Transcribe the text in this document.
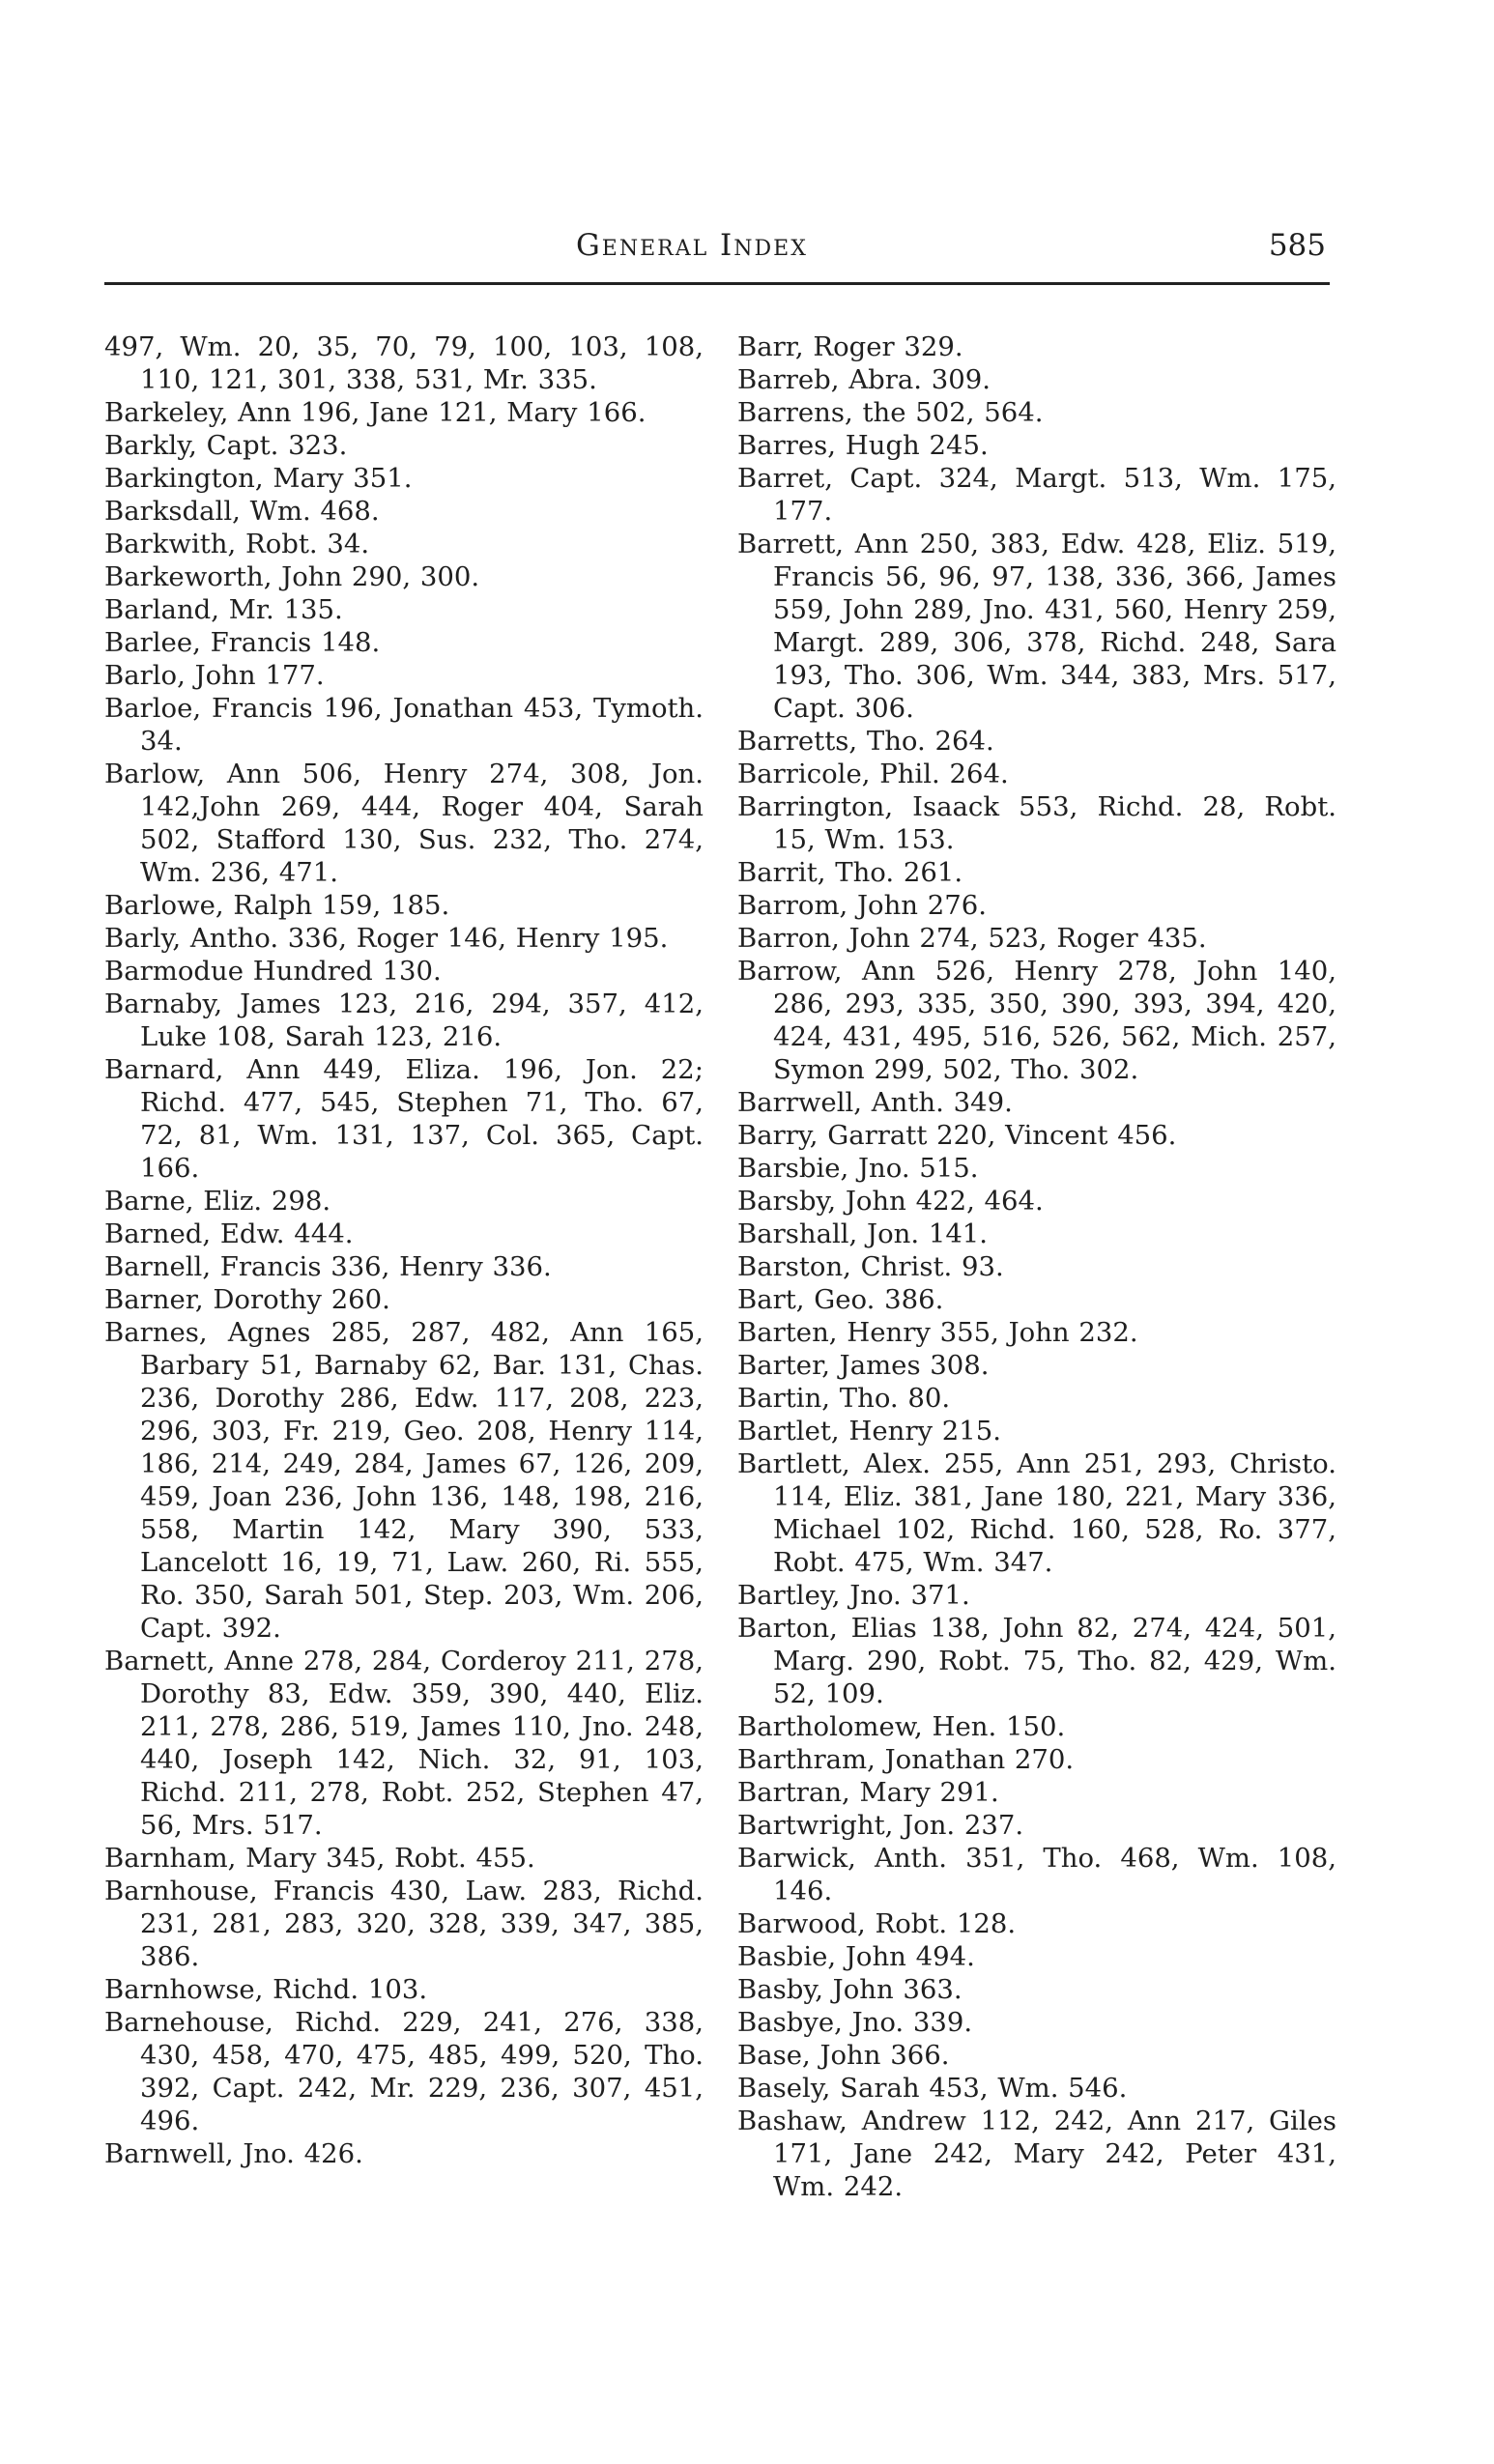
General Index	585
497, Wm. 20, 35, 70, 79, 100, 103, 108, 110, 121, 301, 338, 531, Mr. 335.
Barkeley, Ann 196, Jane 121, Mary 166.
Barkly, Capt. 323.
Barkington, Mary 351.
Barksdall, Wm. 468.
Barkwith, Robt. 34.
Barkeworth, John 290, 300.
Barland, Mr. 135.
Barlee, Francis 148.
Barlo, John 177.
Barloe, Francis 196, Jonathan 453, Tymoth. 34.
Barlow, Ann 506, Henry 274, 308, Jon. 142,John 269, 444, Roger 404, Sarah 502, Stafford 130, Sus. 232, Tho. 274, Wm. 236, 471.
Barlowe, Ralph 159, 185.
Barly, Antho. 336, Roger 146, Henry 195.
Barmodue Hundred 130.
Barnaby, James 123, 216, 294, 357, 412, Luke 108, Sarah 123, 216.
Barnard, Ann 449, Eliza. 196, Jon. 22; Richd. 477, 545, Stephen 71, Tho. 67, 72, 81, Wm. 131, 137, Col. 365, Capt. 166.
Barne, Eliz. 298.
Barned, Edw. 444.
Barnell, Francis 336, Henry 336.
Barner, Dorothy 260.
Barnes, Agnes 285, 287, 482, Ann 165, Barbary 51, Barnaby 62, Bar. 131, Chas. 236, Dorothy 286, Edw. 117, 208, 223, 296, 303, Fr. 219, Geo. 208, Henry 114, 186, 214, 249, 284, James 67, 126, 209, 459, Joan 236, John 136, 148, 198, 216, 558, Martin 142, Mary 390, 533, Lancelott 16, 19, 71, Law. 260, Ri. 555, Ro. 350, Sarah 501, Step. 203, Wm. 206, Capt. 392.
Barnett, Anne 278, 284, Corderoy 211, 278, Dorothy 83, Edw. 359, 390, 440, Eliz. 211, 278, 286, 519, James 110, Jno. 248, 440, Joseph 142, Nich. 32, 91, 103, Richd. 211, 278, Robt. 252, Stephen 47, 56, Mrs. 517.
Barnham, Mary 345, Robt. 455.
Barnhouse, Francis 430, Law. 283, Richd. 231, 281, 283, 320, 328, 339, 347, 385, 386.
Barnhowse, Richd. 103.
Barnehouse, Richd. 229, 241, 276, 338, 430, 458, 470, 475, 485, 499, 520, Tho. 392, Capt. 242, Mr. 229, 236, 307, 451, 496.
Barnwell, Jno. 426.
Barr, Roger 329.
Barreb, Abra. 309.
Barrens, the 502, 564.
Barres, Hugh 245.
Barret, Capt. 324, Margt. 513, Wm. 175, 177.
Barrett, Ann 250, 383, Edw. 428, Eliz. 519, Francis 56, 96, 97, 138, 336, 366, James 559, John 289, Jno. 431, 560, Henry 259, Margt. 289, 306, 378, Richd. 248, Sara 193, Tho. 306, Wm. 344, 383, Mrs. 517, Capt. 306.
Barretts, Tho. 264.
Barricole, Phil. 264.
Barrington, Isaack 553, Richd. 28, Robt. 15, Wm. 153.
Barrit, Tho. 261.
Barrom, John 276.
Barron, John 274, 523, Roger 435.
Barrow, Ann 526, Henry 278, John 140, 286, 293, 335, 350, 390, 393, 394, 420, 424, 431, 495, 516, 526, 562, Mich. 257, Symon 299, 502, Tho. 302.
Barrwell, Anth. 349.
Barry, Garratt 220, Vincent 456.
Barsbie, Jno. 515.
Barsby, John 422, 464.
Barshall, Jon. 141.
Barston, Christ. 93.
Bart, Geo. 386.
Barten, Henry 355, John 232.
Barter, James 308.
Bartin, Tho. 80.
Bartlet, Henry 215.
Bartlett, Alex. 255, Ann 251, 293, Christo. 114, Eliz. 381, Jane 180, 221, Mary 336, Michael 102, Richd. 160, 528, Ro. 377, Robt. 475, Wm. 347.
Bartley, Jno. 371.
Barton, Elias 138, John 82, 274, 424, 501, Marg. 290, Robt. 75, Tho. 82, 429, Wm. 52, 109.
Bartholomew, Hen. 150.
Barthram, Jonathan 270.
Bartran, Mary 291.
Bartwright, Jon. 237.
Barwick, Anth. 351, Tho. 468, Wm. 108, 146.
Barwood, Robt. 128.
Basbie, John 494.
Basby, John 363.
Basbye, Jno. 339.
Base, John 366.
Basely, Sarah 453, Wm. 546.
Bashaw, Andrew 112, 242, Ann 217, Giles 171, Jane 242, Mary 242, Peter 431, Wm. 242.
